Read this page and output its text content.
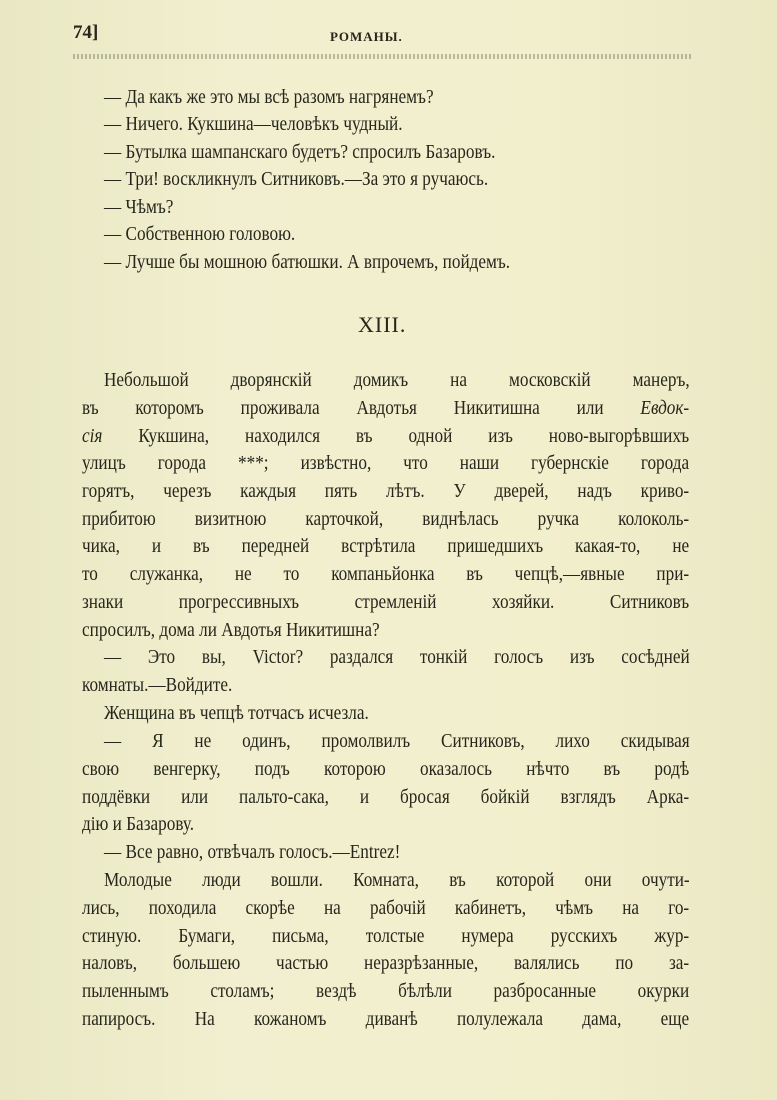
74]	РОМАНЫ.
— Да какъ же это мы всѣ разомъ нагрянемъ?
— Ничего. Кукшина—человѣкъ чудный.
— Бутылка шампанскаго будетъ? спросилъ Базаровъ.
— Три! воскликнулъ Ситниковъ.—За это я ручаюсь.
— Чѣмъ?
— Собственною головою.
— Лучше бы мошною батюшки. А впрочемъ, пойдемъ.
XIII.
Небольшой дворянскій домикъ на московскій манеръ,
въ которомъ проживала Авдотья Никитишна или Евдок-
сія Кукшина, находился въ одной изъ ново-выгорѣвшихъ
улицъ города ***; извѣстно, что наши губернскіе города
горятъ, черезъ каждыя пять лѣтъ. У дверей, надъ криво-
прибитою визитною карточкой, виднѣлась ручка колоколь-
чика, и въ передней встрѣтила пришедшихъ какая-то, не
то служанка, не то компаньйонка въ чепцѣ,—явные при-
знаки прогрессивныхъ стремленій хозяйки. Ситниковъ
спросилъ, дома ли Авдотья Никитишна?
— Это вы, Victor? раздался тонкій голосъ изъ сосѣдней
комнаты.—Войдите.
Женщина въ чепцѣ тотчасъ исчезла.
— Я не одинъ, промолвилъ Ситниковъ, лихо скидывая
свою венгерку, подъ которою оказалось нѣчто въ родѣ
поддёвки или пальто-сака, и бросая бойкій взглядъ Арка-
дію и Базарову.
— Все равно, отвѣчалъ голосъ.—Entrez!
Молодые люди вошли. Комната, въ которой они очути-
лись, походила скорѣе на рабочій кабинетъ, чѣмъ на го-
стиную. Бумаги, письма, толстые нумера русскихъ жур-
наловъ, большею частью неразрѣзанные, валялись по за-
пыленнымъ столамъ; вездѣ бѣлѣли разбросанные окурки
папиросъ. На кожаномъ диванѣ полулежала дама, еще
